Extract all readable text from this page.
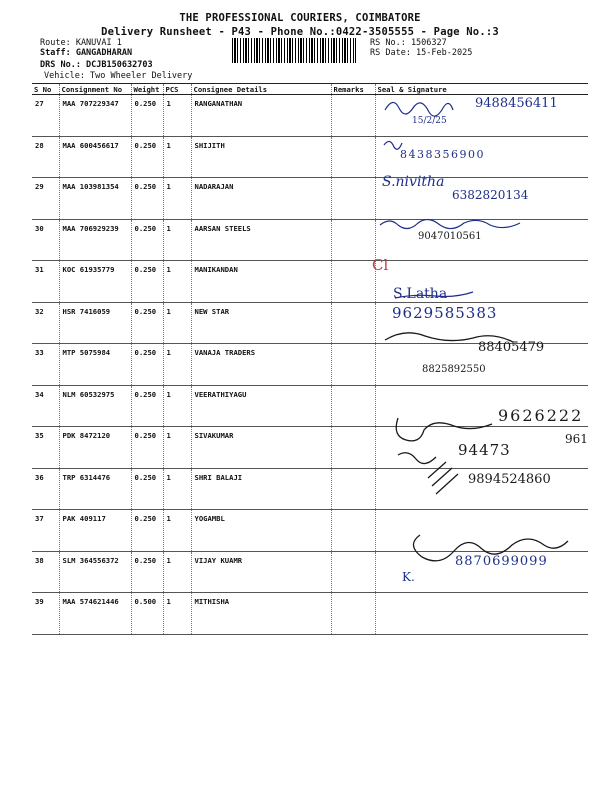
THE PROFESSIONAL COURIERS, COIMBATORE
Delivery Runsheet - P43 - Phone No.:0422-3505555 - Page No.:3
Route: KANUVAI 1
Staff: GANGADHARAN
DRS No.: DCJB150632703
Vehicle: Two Wheeler Delivery
RS No.: 1506327
RS Date: 15-Feb-2025
S No	Consignment No	Weight	PCS	Consignee Details	Remarks	Seal & Signature
27	MAA 707229347	0.250	1	RANGANATHAN		
28	MAA 600456617	0.250	1	SHIJITH		
29	MAA 103981354	0.250	1	NADARAJAN		
30	MAA 706929239	0.250	1	AARSAN STEELS		
31	KOC 61935779	0.250	1	MANIKANDAN		
32	HSR 7416059	0.250	1	NEW STAR		
33	MTP 5075984	0.250	1	VANAJA TRADERS		
34	NLM 60532975	0.250	1	VEERATHIYAGU		
35	PDK 8472120	0.250	1	SIVAKUMAR		
36	TRP 6314476	0.250	1	SHRI BALAJI		
37	PAK 409117	0.250	1	YOGAMBL		
38	SLM 364556372	0.250	1	VIJAY KUAMR		
39	MAA 574621446	0.500	1	MITHISHA		
9488456411
15/2/25
8438356900
S.nivitha
6382820134
9047010561
Cl
S.Latha
9629585383
88405479
8825892550
9626222
961
94473
9894524860
8870699099
K.
